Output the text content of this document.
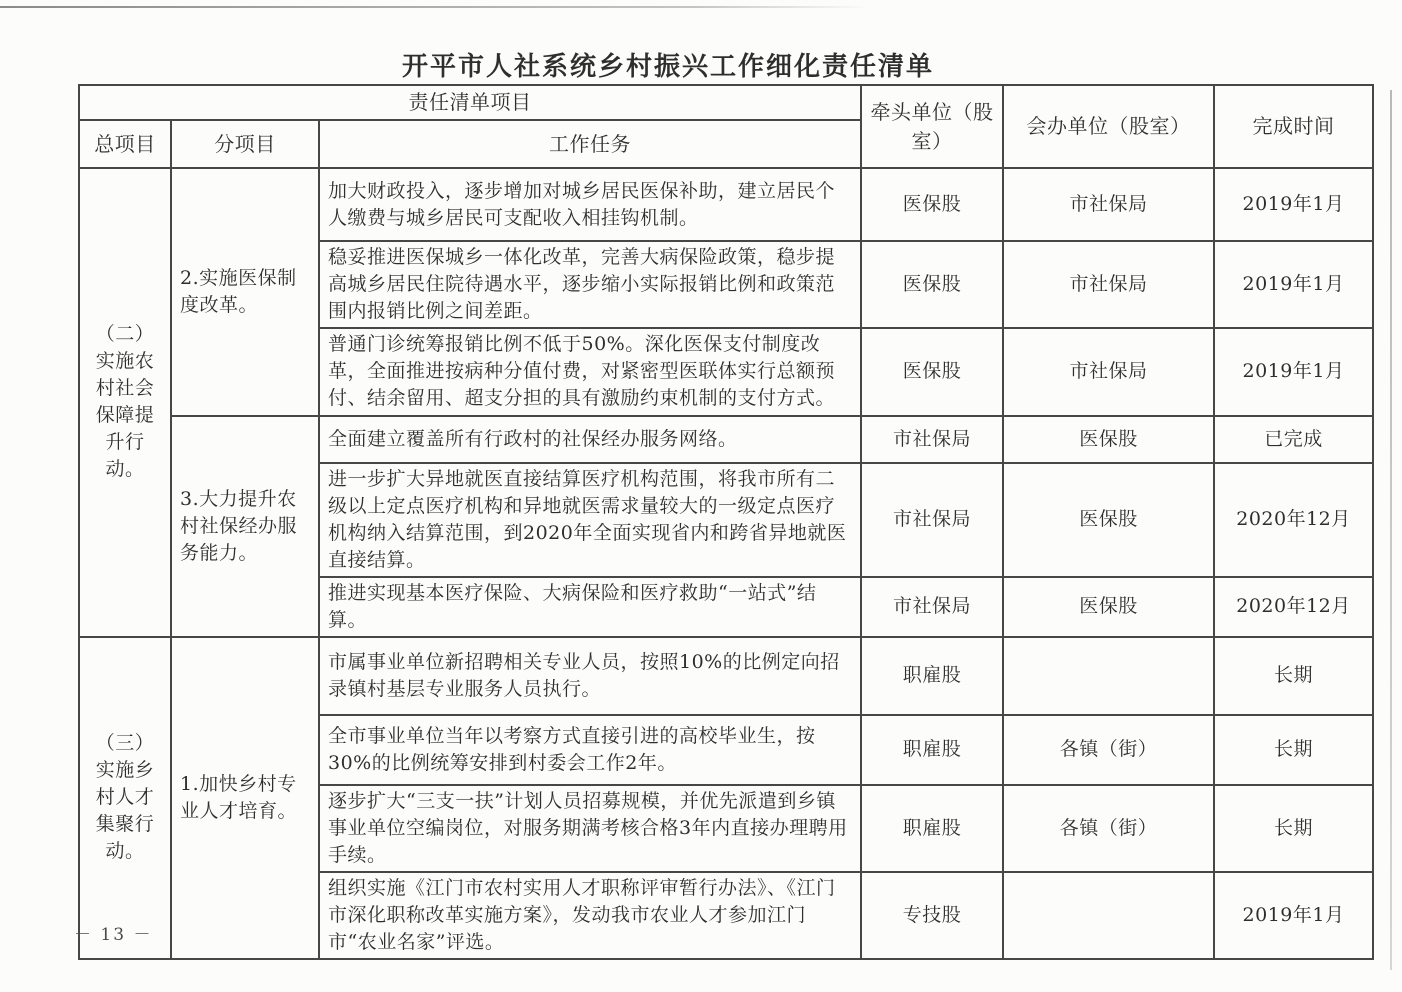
开平市人社系统乡村振兴工作细化责任清单
责任清单项目			牵头单位（股室）	会办单位（股室）	完成时间
总项目	分项目	工作任务			
（二）实施农村社会保障提升行动。	2.实施医保制度改革。	加大财政投入，逐步增加对城乡居民医保补助，建立居民个人缴费与城乡居民可支配收入相挂钩机制。	医保股	市社保局	2019年1月
		稳妥推进医保城乡一体化改革，完善大病保险政策，稳步提高城乡居民住院待遇水平，逐步缩小实际报销比例和政策范围内报销比例之间差距。	医保股	市社保局	2019年1月
		普通门诊统筹报销比例不低于50%。深化医保支付制度改革，全面推进按病种分值付费，对紧密型医联体实行总额预付、结余留用、超支分担的具有激励约束机制的支付方式。	医保股	市社保局	2019年1月
	3.大力提升农村社保经办服务能力。	全面建立覆盖所有行政村的社保经办服务网络。	市社保局	医保股	已完成
		进一步扩大异地就医直接结算医疗机构范围，将我市所有二级以上定点医疗机构和异地就医需求量较大的一级定点医疗机构纳入结算范围，到2020年全面实现省内和跨省异地就医直接结算。	市社保局	医保股	2020年12月
		推进实现基本医疗保险、大病保险和医疗救助“一站式”结算。	市社保局	医保股	2020年12月
（三）实施乡村人才集聚行动。	1.加快乡村专业人才培育。	市属事业单位新招聘相关专业人员，按照10%的比例定向招录镇村基层专业服务人员执行。	职雇股		长期
		全市事业单位当年以考察方式直接引进的高校毕业生，按30%的比例统筹安排到村委会工作2年。	职雇股	各镇（街）	长期
		逐步扩大“三支一扶”计划人员招募规模，并优先派遣到乡镇事业单位空编岗位，对服务期满考核合格3年内直接办理聘用手续。	职雇股	各镇（街）	长期
		组织实施《江门市农村实用人才职称评审暂行办法》、《江门市深化职称改革实施方案》，发动我市农业人才参加江门市“农业名家”评选。	专技股		2019年1月
－ 13 －
